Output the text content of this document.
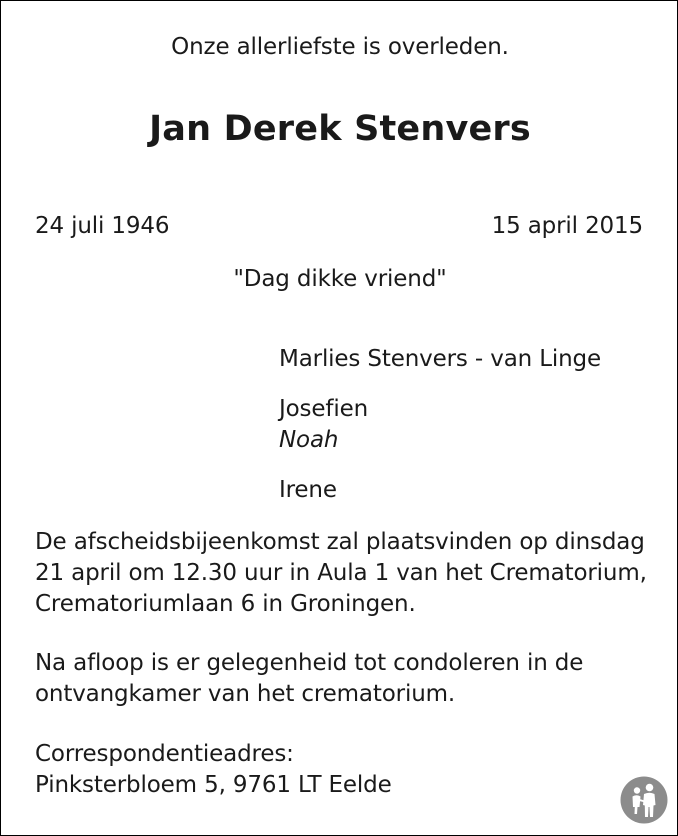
Onze allerliefste is overleden.
Jan Derek Stenvers
24 juli 1946	15 april 2015
"Dag dikke vriend"
Marlies Stenvers - van Linge
Josefien
Noah
Irene
De afscheidsbijeenkomst zal plaatsvinden op dinsdag
21 april om 12.30 uur in Aula 1 van het Crematorium,
Crematoriumlaan 6 in Groningen.
Na afloop is er gelegenheid tot condoleren in de
ontvangkamer van het crematorium.
Correspondentieadres:
Pinksterbloem 5, 9761 LT Eelde
